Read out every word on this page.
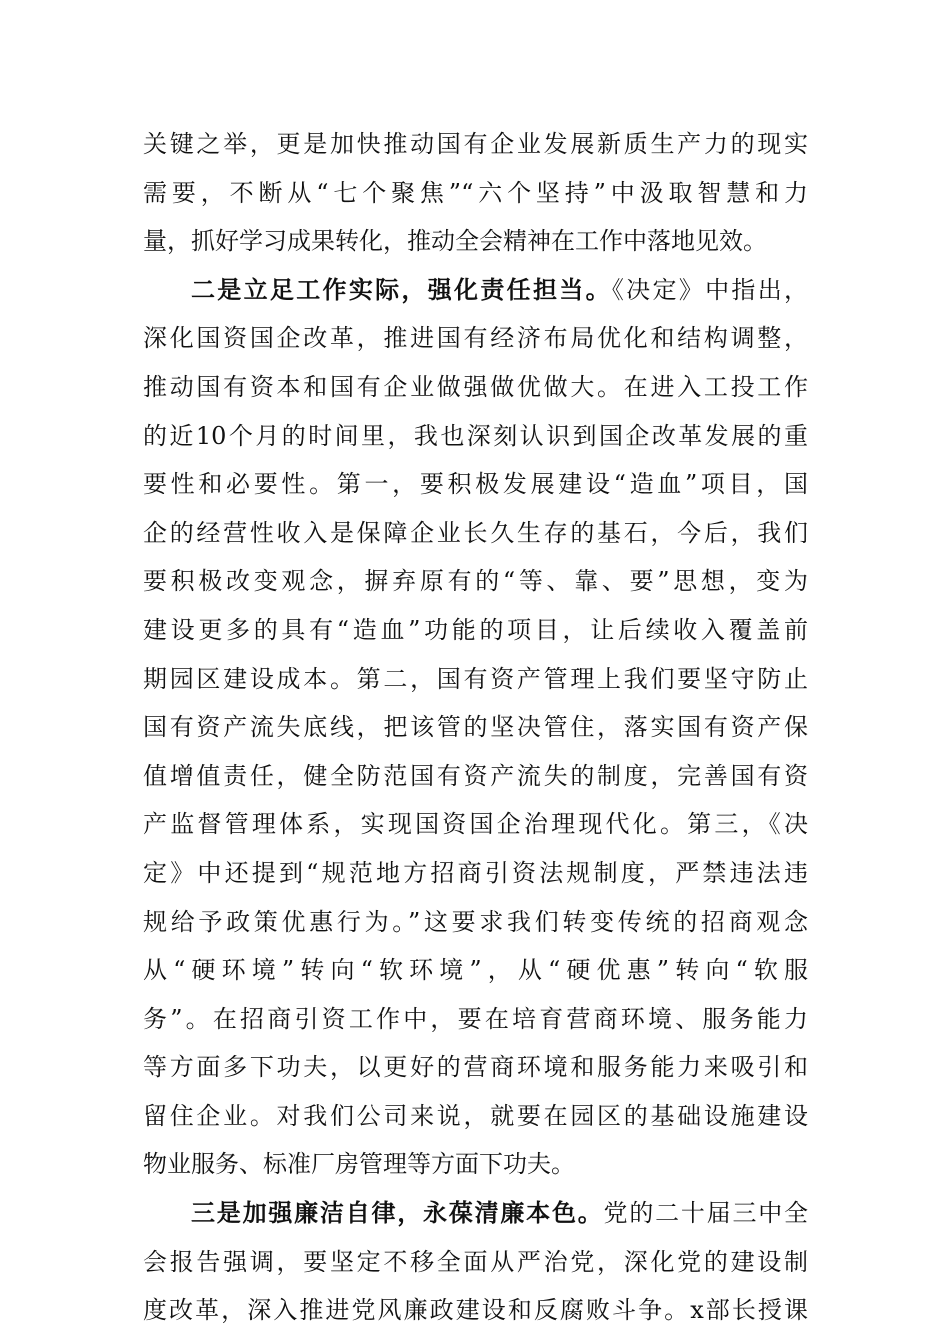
关键之举，更是加快推动国有企业发展新质生产力的现实
需要，不断从“七个聚焦”“六个坚持”中汲取智慧和力
量，抓好学习成果转化，推动全会精神在工作中落地见效。
二是立足工作实际，强化责任担当。《决定》中指出，
深化国资国企改革，推进国有经济布局优化和结构调整，
推动国有资本和国有企业做强做优做大。在进入工投工作
的近10个月的时间里，我也深刻认识到国企改革发展的重
要性和必要性。第一，要积极发展建设“造血”项目，国
企的经营性收入是保障企业长久生存的基石，今后，我们
要积极改变观念，摒弃原有的“等、靠、要”思想，变为
建设更多的具有“造血”功能的项目，让后续收入覆盖前
期园区建设成本。第二，国有资产管理上我们要坚守防止
国有资产流失底线，把该管的坚决管住，落实国有资产保
值增值责任，健全防范国有资产流失的制度，完善国有资
产监督管理体系，实现国资国企治理现代化。第三，《决
定》中还提到“规范地方招商引资法规制度，严禁违法违
规给予政策优惠行为。”这要求我们转变传统的招商观念
从“硬环境”转向“软环境”，从“硬优惠”转向“软服
务”。在招商引资工作中，要在培育营商环境、服务能力
等方面多下功夫，以更好的营商环境和服务能力来吸引和
留住企业。对我们公司来说，就要在园区的基础设施建设
物业服务、标准厂房管理等方面下功夫。
三是加强廉洁自律，永葆清廉本色。党的二十届三中全
会报告强调，要坚定不移全面从严治党，深化党的建设制
度改革，深入推进党风廉政建设和反腐败斗争。x部长授课
